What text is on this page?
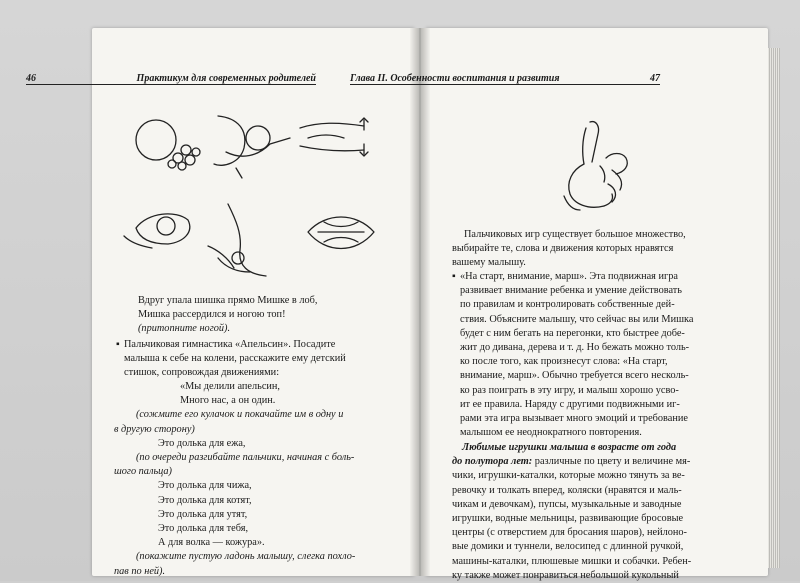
46	Практикум для современных родителей	Глава II. Особенности воспитания и развития	47
Вдруг упала шишка прямо Мишке в лоб,
Мишка рассердился и ногою топ!
(притопните ногой).
▪ Пальчиковая гимнастика «Апельсин». Посадите
малыша к себе на колени, расскажите ему детский
стишок, сопровождая движениями:
«Мы делили апельсин,
Много нас, а он один.
(сожмите его кулачок и покачайте им в одну и
в другую сторону)
Это долька для ежа,
(по очереди разгибайте пальчики, начиная с боль-
шого пальца)
Это долька для чижа,
Это долька для котят,
Это долька для утят,
Это долька для тебя,
А для волка — кожура».
(покажите пустую ладонь малышу, слегка похло-
пав по ней).
Пальчиковых игр существует большое множество,
выбирайте те, слова и движения которых нравятся
вашему малышу.
▪ «На старт, внимание, марш». Эта подвижная игра
развивает внимание ребенка и умение действовать
по правилам и контролировать собственные дей-
ствия. Объясните малышу, что сейчас вы или Мишка
будет с ним бегать на перегонки, кто быстрее добе-
жит до дивана, дерева и т. д. Но бежать можно толь-
ко после того, как произнесут слова: «На старт,
внимание, марш». Обычно требуется всего несколь-
ко раз поиграть в эту игру, и малыш хорошо усво-
ит ее правила. Наряду с другими подвижными иг-
рами эта игра вызывает много эмоций и требование
малышом ее неоднократного повторения.
Любимые игрушки малыша в возрасте от года
до полутора лет: различные по цвету и величине мя-
чики, игрушки-каталки, которые можно тянуть за ве-
ревочку и толкать вперед, коляски (нравятся и маль-
чикам и девочкам), пупсы, музыкальные и заводные
игрушки, водные мельницы, развивающие бросовые
центры (с отверстием для бросания шаров), нейлоно-
вые домики и туннели, велосипед с длинной ручкой,
машины-каталки, плюшевые мишки и собачки. Ребен-
ку также может понравиться небольшой кукольный
